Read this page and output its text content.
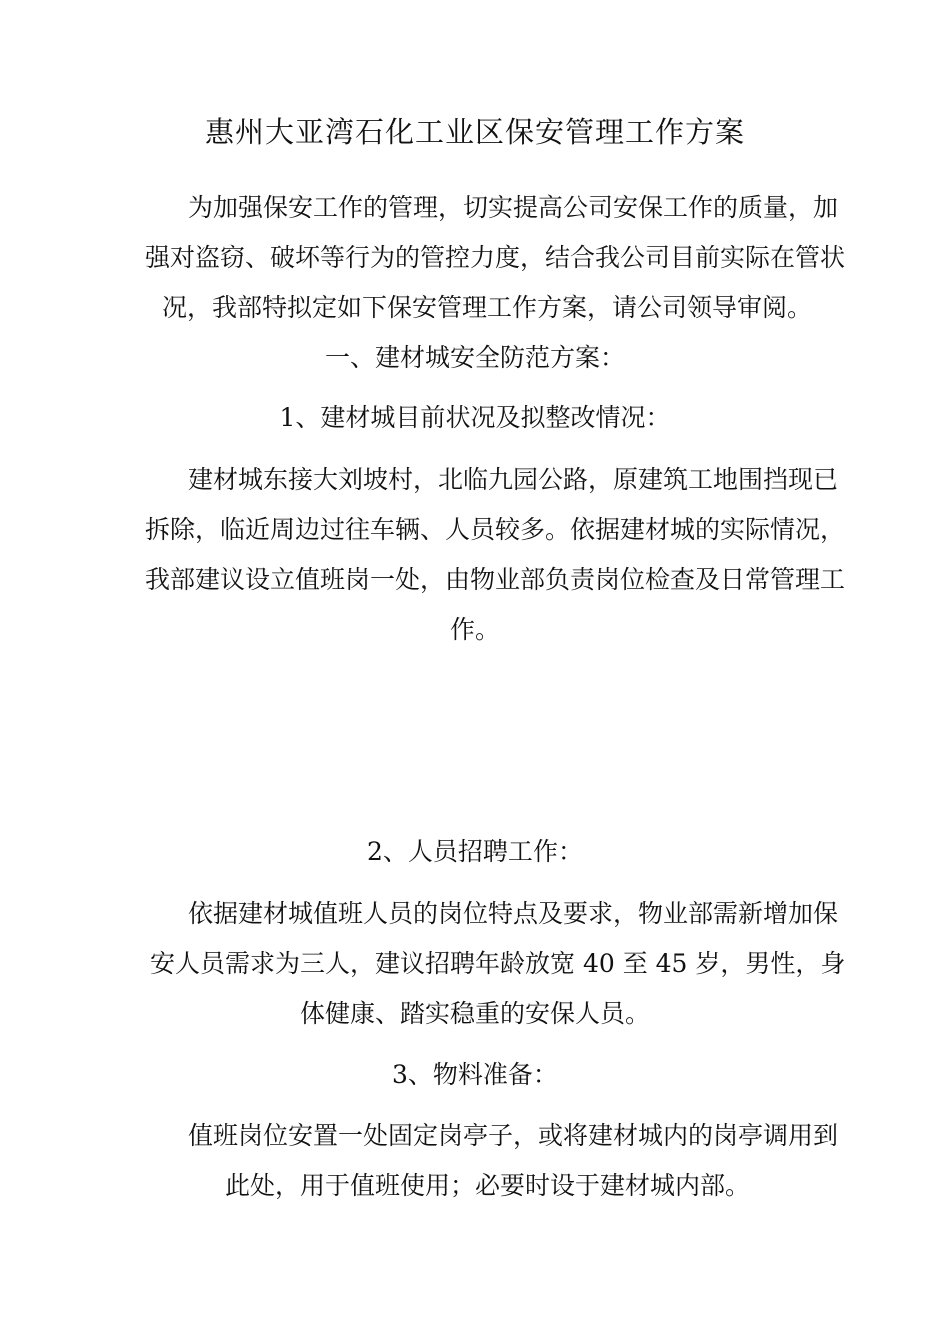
惠州大亚湾石化工业区保安管理工作方案
为加强保安工作的管理，切实提高公司安保工作的质量，加
强对盗窃、破坏等行为的管控力度，结合我公司目前实际在管状
况，我部特拟定如下保安管理工作方案，请公司领导审阅。
一、建材城安全防范方案：
1、建材城目前状况及拟整改情况：
建材城东接大刘坡村，北临九园公路，原建筑工地围挡现已
拆除，临近周边过往车辆、人员较多。依据建材城的实际情况，
我部建议设立值班岗一处，由物业部负责岗位检查及日常管理工
作。
2、人员招聘工作：
依据建材城值班人员的岗位特点及要求，物业部需新增加保
安人员需求为三人，建议招聘年龄放宽 40 至 45 岁，男性，身
体健康、踏实稳重的安保人员。
3、物料准备：
值班岗位安置一处固定岗亭子，或将建材城内的岗亭调用到
此处，用于值班使用；必要时设于建材城内部。
